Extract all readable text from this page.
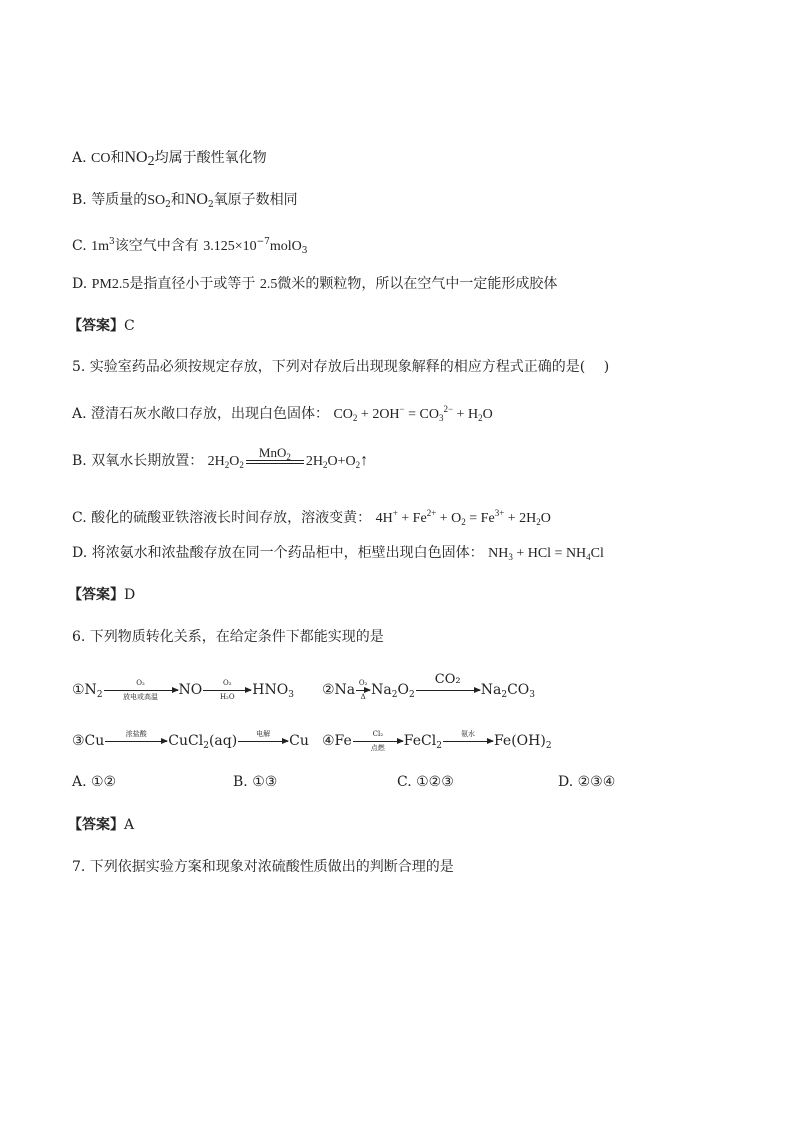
A. CO和NO2均属于酸性氧化物
B. 等质量的$SO_2$和$NO_2$氧原子数相同
C. $1m^3$该空气中含有 $3.125\times 10^{-7}molO_3$
D. PM2.5是指直径小于或等于 2.5微米的颗粒物，所以在空气中一定能形成胶体
【答案】C
5. 实验室药品必须按规定存放，下列对存放后出现现象解释的相应方程式正确的是(　 )
A. 澄清石灰水敞口存放，出现白色固体： $CO_2 + 2OH^- = CO_3^{2-} + H_2O$
B. 双氧水长期放置： $2H_2O_2$
MnO$_2$	$2H_2O+O_2↑$
C. 酸化的硫酸亚铁溶液长时间存放，溶液变黄： $4H^+ + Fe^{2+} + O_2 = Fe^{3+} + 2H_2O$
D. 将浓氨水和浓盐酸存放在同一个药品柜中，柜壁出现白色固体： $NH_3$ + HCl = $NH_4Cl$
【答案】D
6. 下列物质转化关系，在给定条件下都能实现的是
$①N_2$
O₂
放电或高温	NO $\frac{\text{O₂}}{\text{H₂O}} HNO_3$ ②Na $\frac{\text{O₂}}{\Delta} Na_2O_2$
CO₂
$Na_2CO_3$
③Cu	浓盐酸	CuCl$_2$(aq)	电解	Cu ④Fe	Cl₂
点燃	FeCl$_2$
氨水	$Fe(OH)_2$
A. ①②	B. ①③	C. ①②③	D. ②③④
【答案】A
7. 下列依据实验方案和现象对浓硫酸性质做出的判断合理的是
